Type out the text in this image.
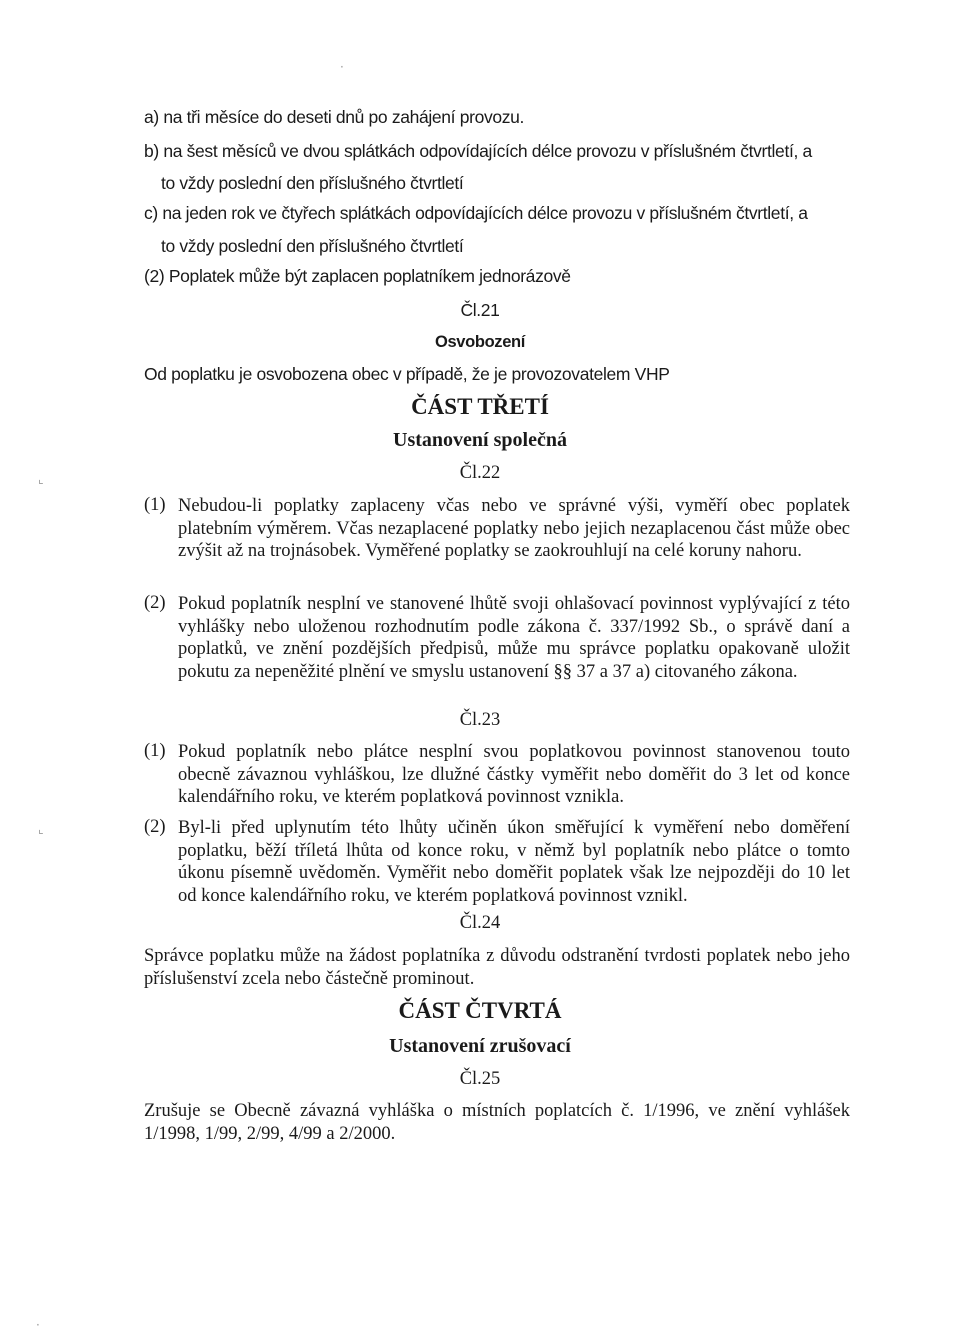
a) na tři měsíce do deseti dnů po zahájení provozu.

b) na šest měsíců ve dvou splátkách odpovídajících délce provozu v příslušném čtvrtletí, a

to vždy poslední den příslušného čtvrtletí

c) na jeden rok ve čtyřech splátkách odpovídajících délce provozu v příslušném čtvrtletí, a

to vždy poslední den příslušného čtvrtletí

(2) Poplatek může být zaplacen poplatníkem jednorázově

Čl.21

Osvobození

Od poplatku je osvobozena obec v případě, že je provozovatelem VHP

ČÁST TŘETÍ

Ustanovení společná

Čl.22

(1) Nebudou-li poplatky zaplaceny včas nebo ve správné výši, vyměří obec poplatek platebním výměrem. Včas nezaplacené poplatky nebo jejich nezaplacenou část může obec zvýšit až na trojnásobek. Vyměřené poplatky se zaokrouhlují na celé koruny nahoru.

(2) Pokud poplatník nesplní ve stanovené lhůtě svoji ohlašovací povinnost vyplývající z této vyhlášky nebo uloženou rozhodnutím podle zákona č. 337/1992 Sb., o správě daní a poplatků, ve znění pozdějších předpisů, může mu správce poplatku opakovaně uložit pokutu za nepeněžité plnění ve smyslu ustanovení §§ 37 a 37 a) citovaného zákona.

Čl.23

(1) Pokud poplatník nebo plátce nesplní svou poplatkovou povinnost stanovenou touto obecně závaznou vyhláškou, lze dlužné částky vyměřit nebo doměřit do 3 let od konce kalendářního roku, ve kterém poplatková povinnost vznikla.

(2) Byl-li před uplynutím této lhůty učiněn úkon směřující k vyměření nebo doměření poplatku, běží tříletá lhůta od konce roku, v němž byl poplatník nebo plátce o tomto úkonu písemně uvědoměn. Vyměřit nebo doměřit poplatek však lze nejpozději do 10 let od konce kalendářního roku, ve kterém poplatková povinnost vznikl.

Čl.24

Správce poplatku může na žádost poplatníka z důvodu odstranění tvrdosti poplatek nebo jeho příslušenství zcela nebo částečně prominout.

ČÁST ČTVRTÁ

Ustanovení zrušovací

Čl.25

Zrušuje se Obecně závazná vyhláška o místních poplatcích č. 1/1996, ve znění vyhlášek 1/1998, 1/99, 2/99, 4/99 a 2/2000.

·
⌞
⌞
·
